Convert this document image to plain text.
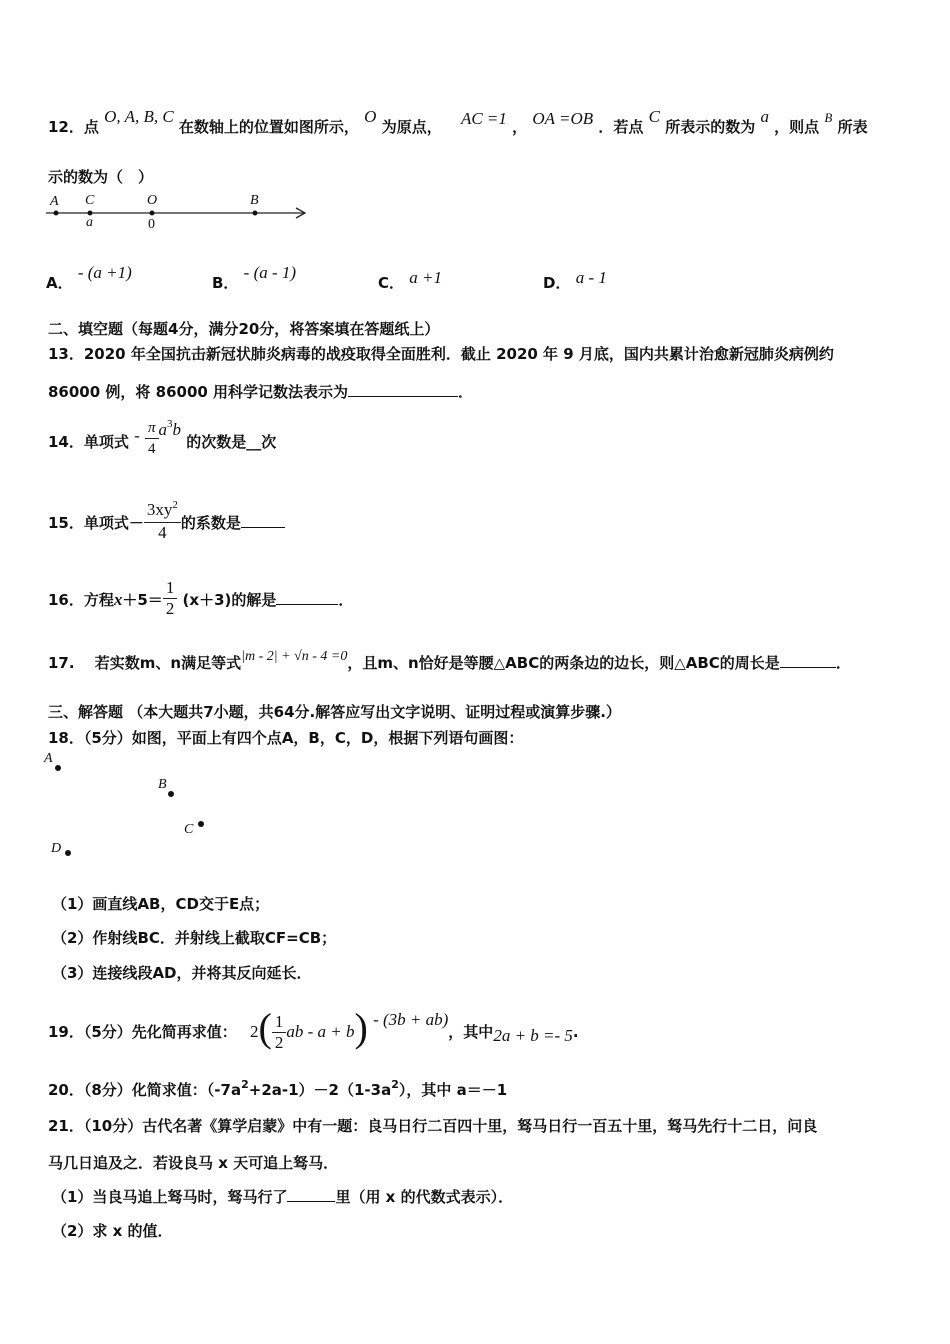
12．点 O, A, B, C 在数轴上的位置如图所示， O 为原点， AC =1 ， OA =OB ．若点 C 所表示的数为 a ，则点 B 所表
示的数为（　）
A C	O	B
a	0
A． - (a +1)
B． - (a - 1)
C． a +1	D． a - 1
二、填空题（每题4分，满分20分，将答案填在答题纸上）
13．2020 年全国抗击新冠状肺炎病毒的战疫取得全面胜利．截止 2020 年 9 月底，国内共累计治愈新冠肺炎病例约
86000 例，将 86000 用科学记数法表示为	．
14．单项式 - $\frac{\pi}{4} a^3b$ 的次数是__次
15．单项式－ $\frac{3xy^2}{4}$ 的系数是
16．方程$x+5= \frac{1}{2} (x+3)$的解是	．
17.　 若实数m、n满足等式|m - 2| + √n - 4 =0，且m、n恰好是等腰△ABC的两条边的边长，则△ABC的周长是	．
三、解答题 （本大题共7小题，共64分.解答应写出文字说明、证明过程或演算步骤.）
18．（5分）如图，平面上有四个点A，B，C，D，根据下列语句画图：
A
B
C
D
（1）画直线AB，CD交于E点；
（2）作射线BC．并射线上截取CF=CB；
（3）连接线段AD，并将其反向延长．
19．（5分）先化简再求值： $2( \frac{1}{2}$ ab - a + b) - (3b + ab)，其中2a + b =- 5.
20．（8分）化简求值：$(-7a^2+2a-1)-2(1-3a^2)$，其中 a＝－1
21．（10分）古代名著《算学启蒙》中有一题：良马日行二百四十里，驽马日行一百五十里，驽马先行十二日，问良
马几日追及之．若设良马 x 天可追上驽马．
（1）当良马追上驽马时，驽马行了	里（用 x 的代数式表示）．
（2）求 x 的值．
